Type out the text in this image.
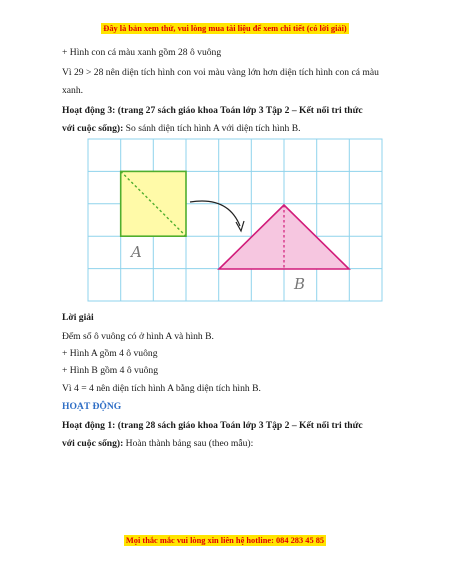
Đây là bản xem thử, vui lòng mua tài liệu để xem chi tiết (có lời giải)
+ Hình con cá màu xanh gồm 28 ô vuông
Vì 29 > 28 nên diện tích hình con voi màu vàng lớn hơn diện tích hình con cá màu
xanh.
Hoạt động 3: (trang 27 sách giáo khoa Toán lớp 3 Tập 2 – Kết nối tri thức
với cuộc sống): So sánh diện tích hình A với diện tích hình B.
A
B
Lời giải
Đếm số ô vuông có ở hình A và hình B.
+ Hình A gồm 4 ô vuông
+ Hình B gồm 4 ô vuông
Vì 4 = 4 nên diện tích hình A bằng diện tích hình B.
HOẠT ĐỘNG
Hoạt động 1: (trang 28 sách giáo khoa Toán lớp 3 Tập 2 – Kết nối tri thức
với cuộc sống): Hoàn thành bảng sau (theo mẫu):
Mọi thắc mắc vui lòng xin liên hệ hotline: 084 283 45 85
